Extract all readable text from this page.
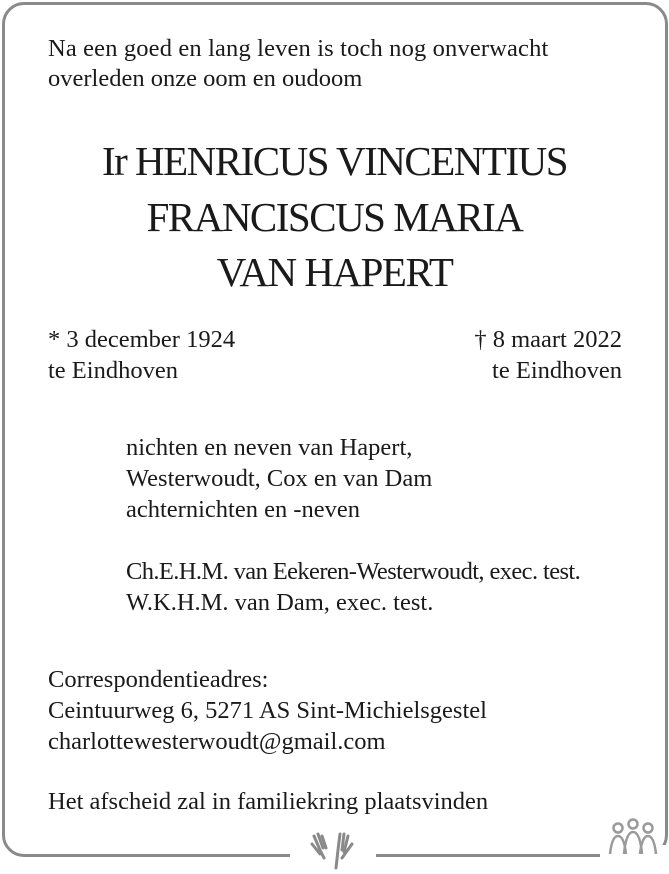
Na een goed en lang leven is toch nog onverwacht
overleden onze oom en oudoom
Ir HENRICUS VINCENTIUS
FRANCISCUS MARIA
VAN HAPERT
* 3 december 1924
te Eindhoven
† 8 maart 2022
te Eindhoven
nichten en neven van Hapert,
Westerwoudt, Cox en van Dam
achternichten en -neven
Ch.E.H.M. van Eekeren-Westerwoudt, exec. test.
W.K.H.M. van Dam, exec. test.
Correspondentieadres:
Ceintuurweg 6, 5271 AS Sint-Michielsgestel
charlottewesterwoudt@gmail.com
Het afscheid zal in familiekring plaatsvinden
